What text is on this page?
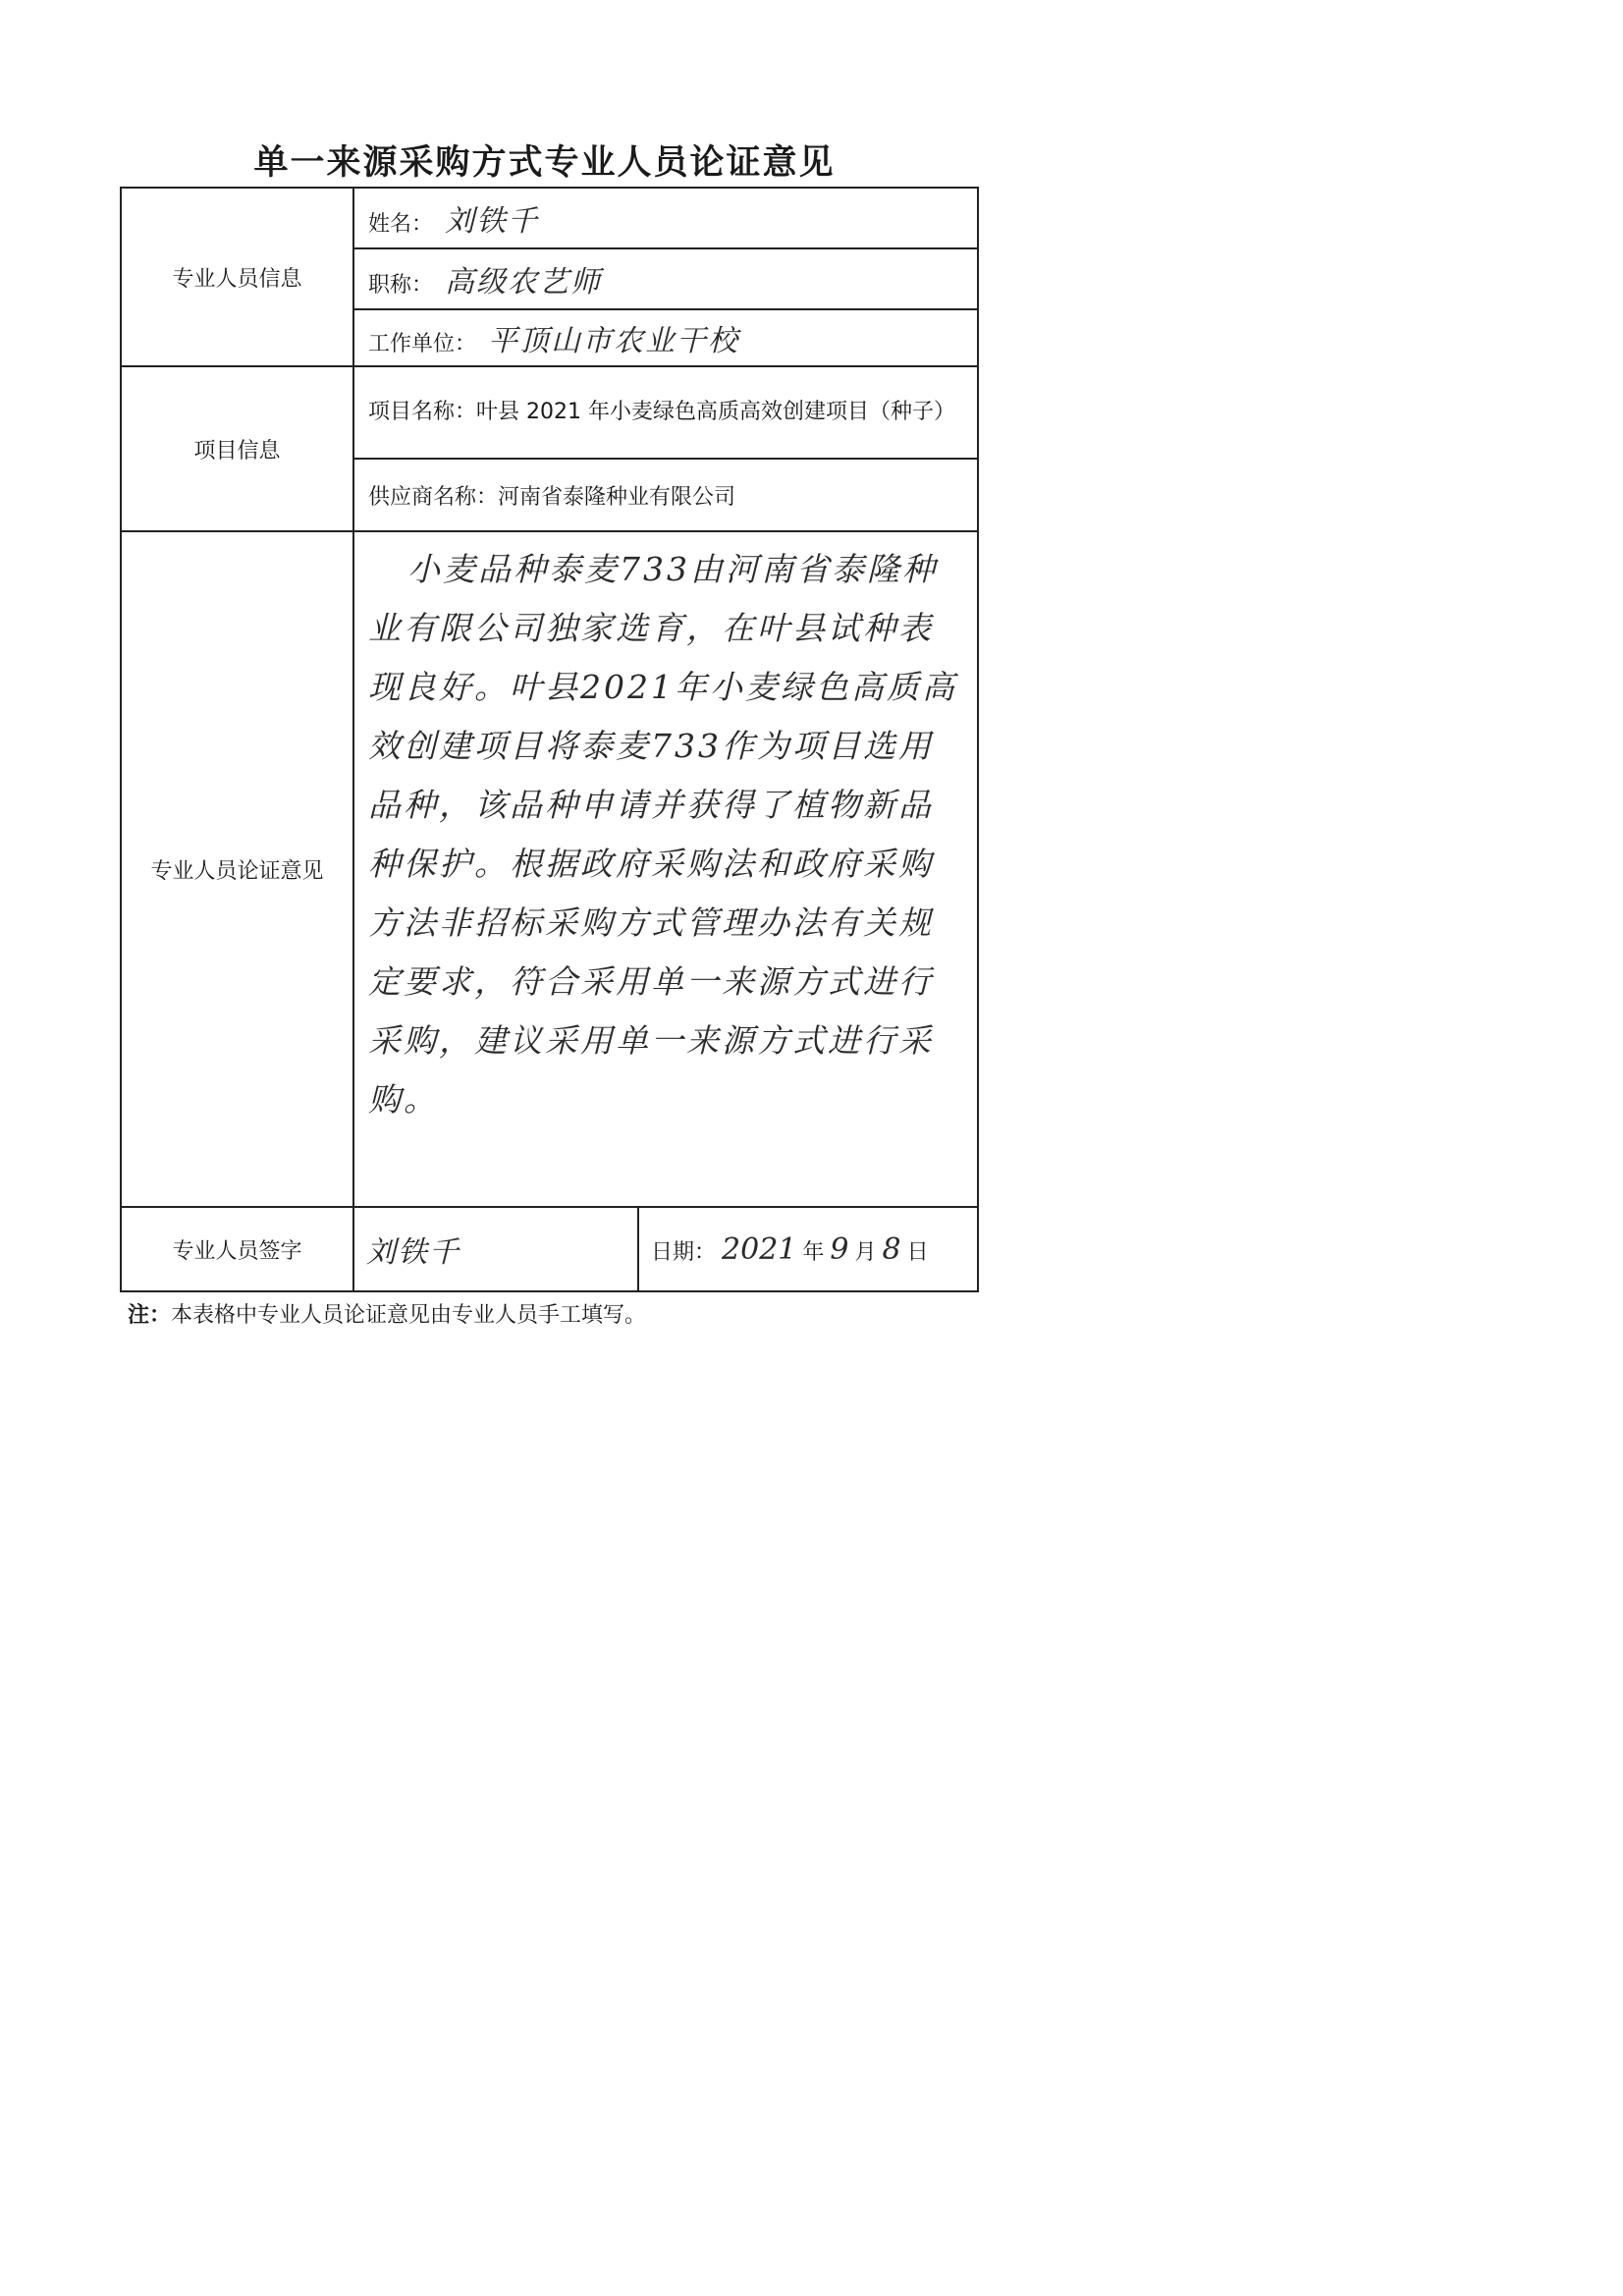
单一来源采购方式专业人员论证意见
专业人员信息	姓名： 刘铁千	
	职称： 高级农艺师	
	工作单位： 平顶山市农业干校	
项目信息	项目名称：叶县 2021 年小麦绿色高质高效创建项目（种子）	
	供应商名称：河南省泰隆种业有限公司	
专业人员论证意见	小麦品种泰麦733由河南省泰隆种业有限公司独家选育，在叶县试种表现良好。叶县2021年小麦绿色高质高效创建项目将泰麦733作为项目选用品种，该品种申请并获得了植物新品种保护。根据政府采购法和政府采购方法非招标采购方式管理办法有关规定要求，符合采用单一来源方式进行采购，建议采用单一来源方式进行采购。	

专业人员签字	刘铁千	日期： 2021 年 9 月 8 日
注：本表格中专业人员论证意见由专业人员手工填写。
